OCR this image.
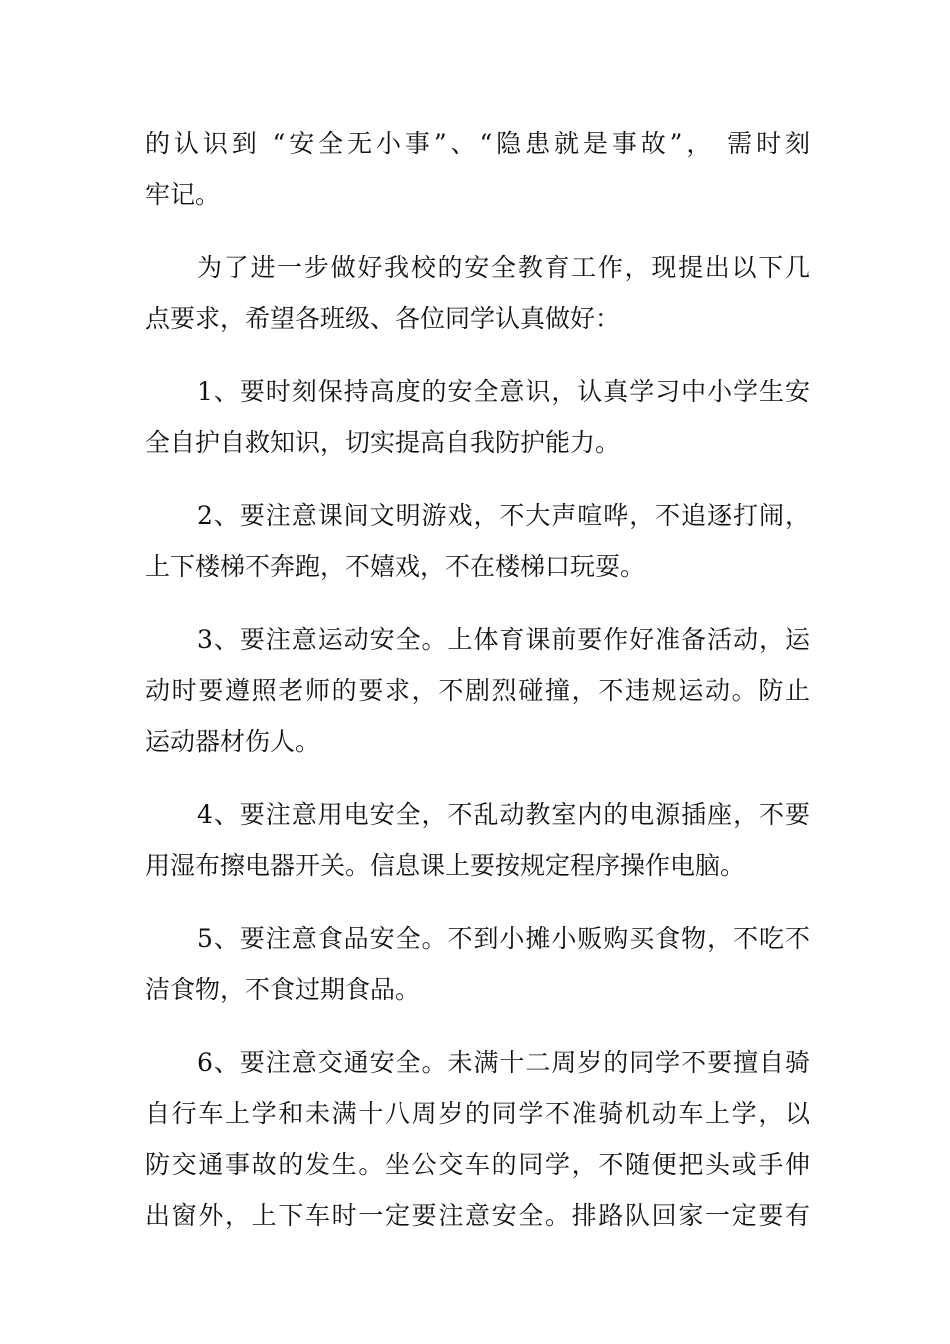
的认识到 “安全无小事”、“隐患就是事故”， 需时刻
牢记。
为了进一步做好我校的安全教育工作，现提出以下几
点要求，希望各班级、各位同学认真做好：
1、要时刻保持高度的安全意识，认真学习中小学生安
全自护自救知识，切实提高自我防护能力。
2、要注意课间文明游戏，不大声喧哗，不追逐打闹，
上下楼梯不奔跑，不嬉戏，不在楼梯口玩耍。
3、要注意运动安全。上体育课前要作好准备活动，运
动时要遵照老师的要求，不剧烈碰撞，不违规运动。防止
运动器材伤人。
4、要注意用电安全，不乱动教室内的电源插座，不要
用湿布擦电器开关。信息课上要按规定程序操作电脑。
5、要注意食品安全。不到小摊小贩购买食物，不吃不
洁食物，不食过期食品。
6、要注意交通安全。未满十二周岁的同学不要擅自骑
自行车上学和未满十八周岁的同学不准骑机动车上学，以
防交通事故的发生。坐公交车的同学，不随便把头或手伸
出窗外，上下车时一定要注意安全。排路队回家一定要有
